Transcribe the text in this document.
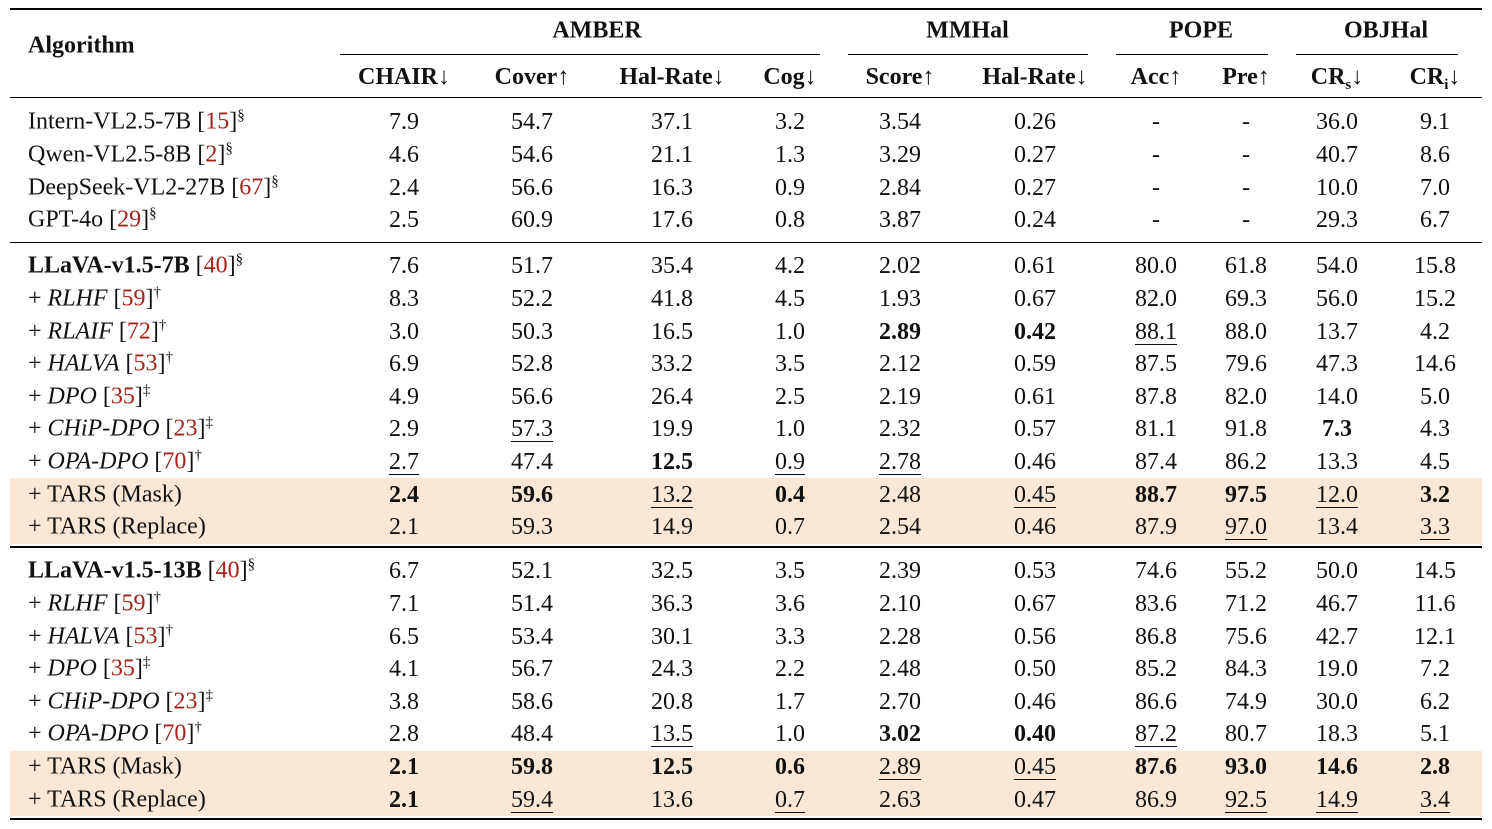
Algorithm
AMBER	MMHal	POPE	OBJHal
CHAIR↓ Cover↑ Hal-Rate↓ Cog↓ Score↑ Hal-Rate↓ Acc↑ Pre↑ $CR_s↓$ $CR_i↓$
Intern-VL2.5-7B [15]§	7.9	54.7	37.1	3.2	3.54	0.26	-	-	36.0	9.1
Qwen-VL2.5-8B [2]§	4.6	54.6	21.1	1.3	3.29	0.27	-	-	40.7	8.6
DeepSeek-VL2-27B [67]§	2.4	56.6	16.3	0.9	2.84	0.27	-	-	10.0	7.0
GPT-4o [29]§	2.5	60.9	17.6	0.8	3.87	0.24	-	-	29.3	6.7
LLaVA-v1.5-7B [40]§	7.6	51.7	35.4	4.2	2.02	0.61	80.0 61.8 54.0 15.8
+ RLHF [59]†	8.3	52.2	41.8	4.5	1.93	0.67	82.0 69.3 56.0 15.2
+ RLAIF [72]†	3.0	50.3	16.5	1.0	2.89	0.42	88.1 88.0 13.7	4.2
+ HALVA [53]†	6.9	52.8	33.2	3.5	2.12	0.59	87.5 79.6 47.3 14.6
+ DPO [35]‡	4.9	56.6	26.4	2.5	2.19	0.61	87.8 82.0 14.0	5.0
+ CHiP-DPO [23]‡	2.9	57.3	19.9	1.0	2.32	0.57	81.1 91.8 7.3	4.3
+ OPA-DPO [70]†	2.7	47.4	12.5	0.9	2.78	0.46	87.4 86.2 13.3	4.5
+ TARS (Mask)	2.4	59.6	13.2	0.4	2.48	0.45	88.7 97.5 12.0	3.2
+ TARS (Replace)	2.1	59.3	14.9	0.7	2.54	0.46	87.9 97.0 13.4	3.3
LLaVA-v1.5-13B [40]§	6.7	52.1	32.5	3.5	2.39	0.53	74.6 55.2 50.0 14.5
+ RLHF [59]†	7.1	51.4	36.3	3.6	2.10	0.67	83.6 71.2 46.7 11.6
+ HALVA [53]†	6.5	53.4	30.1	3.3	2.28	0.56	86.8 75.6 42.7 12.1
+ DPO [35]‡	4.1	56.7	24.3	2.2	2.48	0.50	85.2 84.3 19.0	7.2
+ CHiP-DPO [23]‡	3.8	58.6	20.8	1.7	2.70	0.46	86.6 74.9 30.0	6.2
+ OPA-DPO [70]†	2.8	48.4	13.5	1.0	3.02	0.40	87.2 80.7 18.3	5.1
+ TARS (Mask)	2.1	59.8	12.5	0.6	2.89	0.45	87.6 93.0 14.6	2.8
+ TARS (Replace)	2.1	59.4	13.6	0.7	2.63	0.47	86.9 92.5 14.9	3.4
